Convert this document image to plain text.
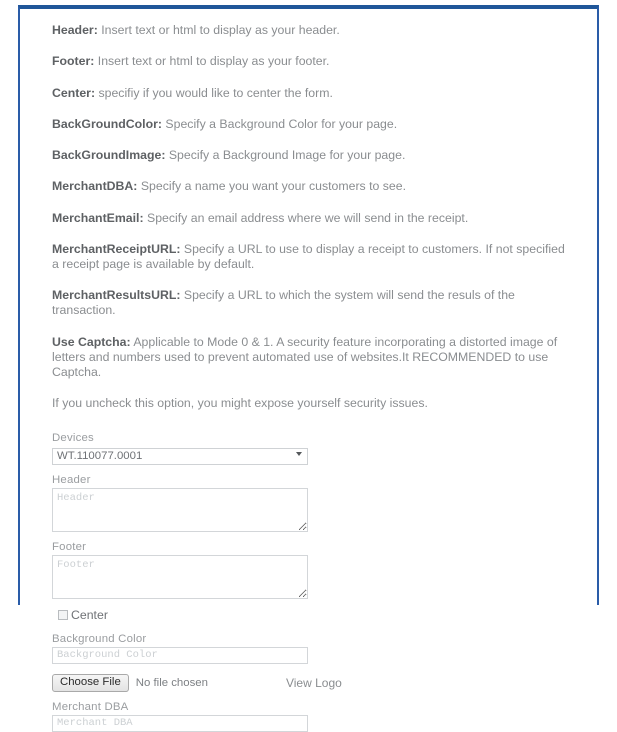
Header: Insert text or html to display as your header.
Footer: Insert text or html to display as your footer.
Center: specifiy if you would like to center the form.
BackGroundColor: Specify a Background Color for your page.
BackGroundImage: Specify a Background Image for your page.
MerchantDBA: Specify a name you want your customers to see.
MerchantEmail: Specify an email address where we will send in the receipt.
MerchantReceiptURL: Specify a URL to use to display a receipt to customers. If not specified a receipt page is available by default.
MerchantResultsURL: Specify a URL to which the system will send the resuls of the transaction.
Use Captcha: Applicable to Mode 0 & 1. A security feature incorporating a distorted image of letters and numbers used to prevent automated use of websites.It RECOMMENDED to use Captcha.

If you uncheck this option, you might expose yourself security issues.

Devices
WT.110077.0001
Header
Header
Footer
Footer
Center
Background Color
Background Color
Choose File	No file chosen	View Logo
Merchant DBA
Merchant DBA
